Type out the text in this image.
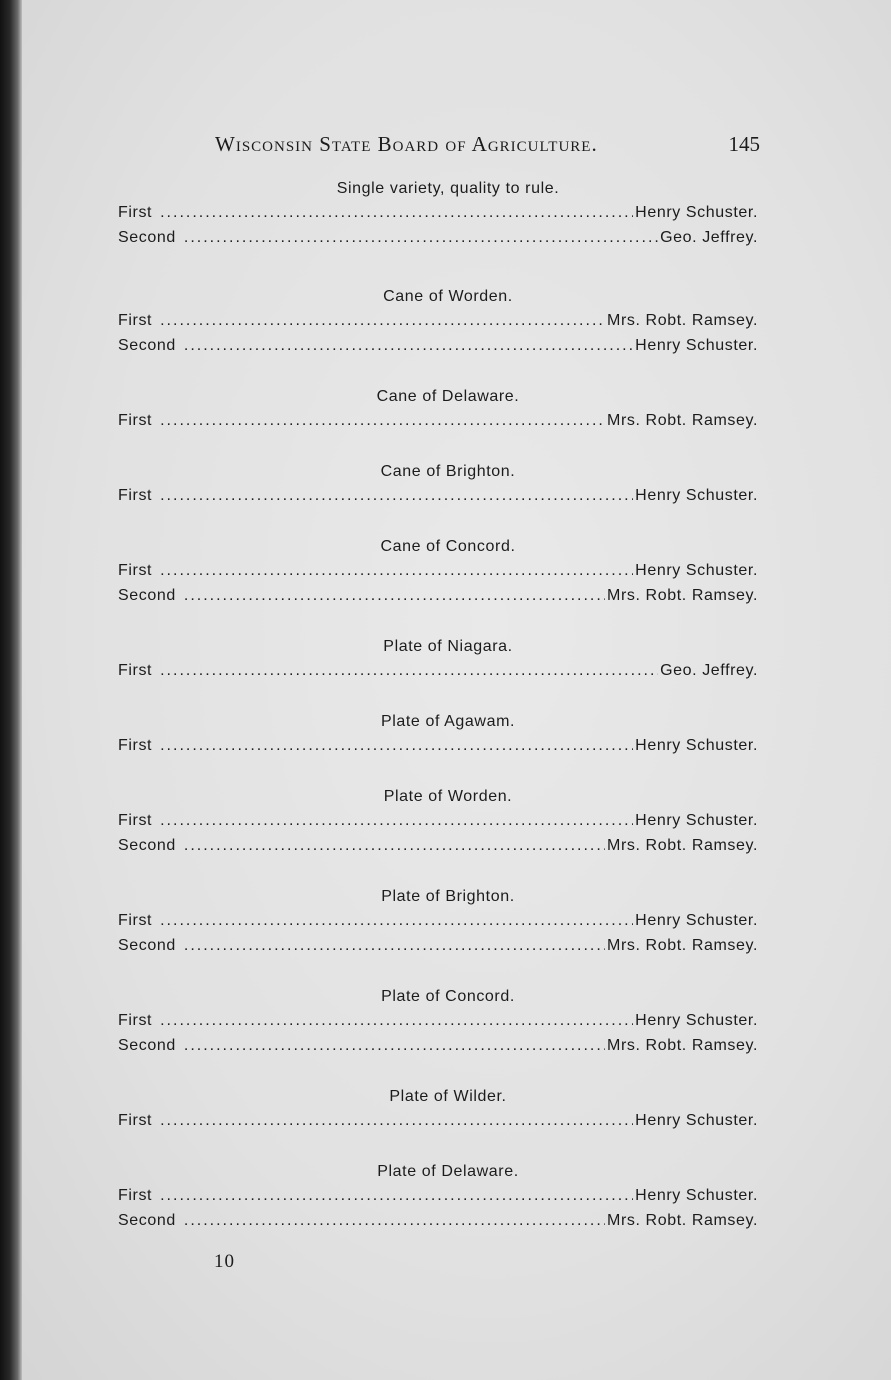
Wisconsin State Board of Agriculture.	145
Single variety, quality to rule.
First .....	Henry Schuster.
Second .....	Geo. Jeffrey.
Cane of Worden.
First .....	Mrs. Robt. Ramsey.
Second .....	Henry Schuster.
Cane of Delaware.
First .....	Mrs. Robt. Ramsey.
Cane of Brighton.
First .....	Henry Schuster.
Cane of Concord.
First .....	Henry Schuster.
Second .....	Mrs. Robt. Ramsey.
Plate of Niagara.
First .....	Geo. Jeffrey.
Plate of Agawam.
First .....	Henry Schuster.
Plate of Worden.
First .....	Henry Schuster.
Second .....	Mrs. Robt. Ramsey.
Plate of Brighton.
First .....	Henry Schuster.
Second .....	Mrs. Robt. Ramsey.
Plate of Concord.
First .....	Henry Schuster.
Second .....	Mrs. Robt. Ramsey.
Plate of Wilder.
First .....	Henry Schuster.
Plate of Delaware.
First .....	Henry Schuster.
Second .....	Mrs. Robt. Ramsey.
10
